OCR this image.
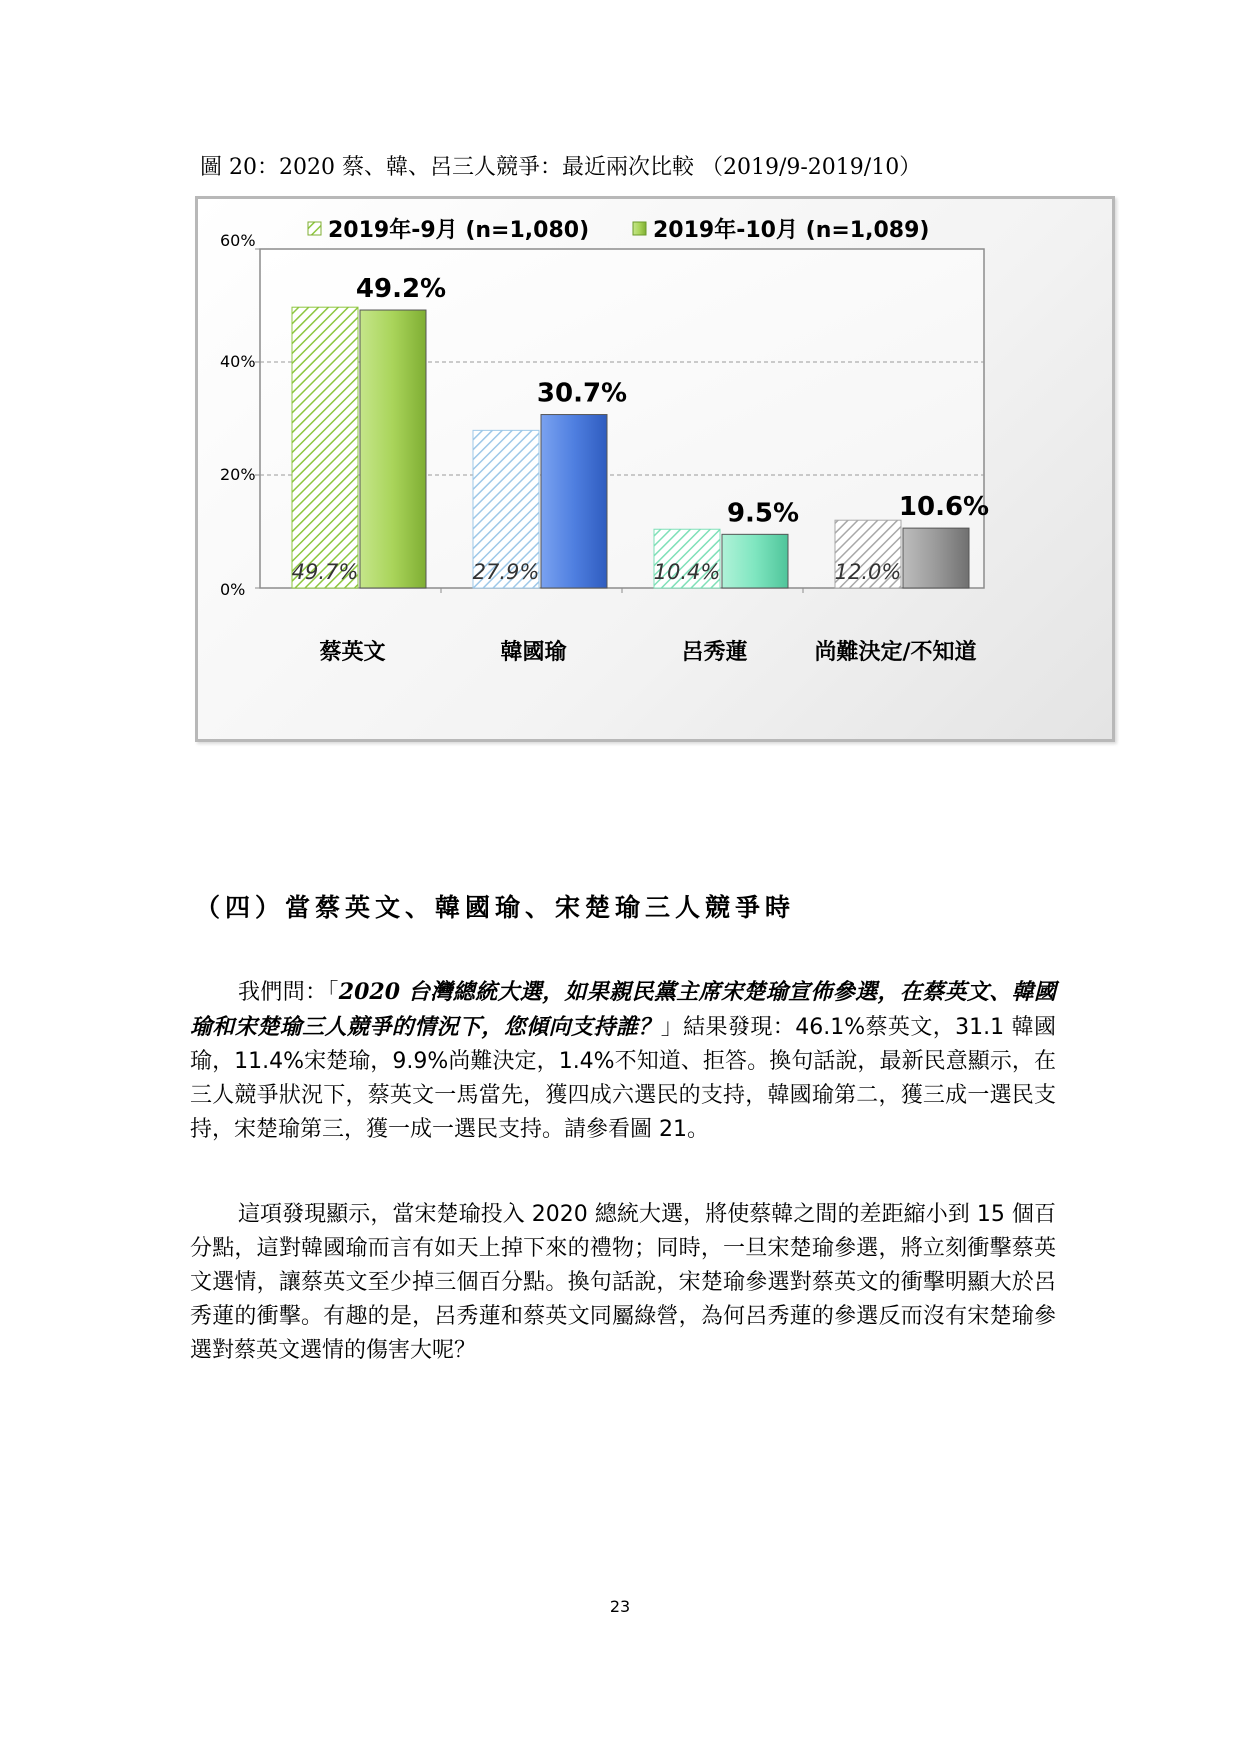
圖 20：2020 蔡、韓、呂三人競爭：最近兩次比較 （2019/9-2019/10）
0%
20%
40%
60%
49.7%
49.2%
27.9%
30.7%
10.4%
9.5%
12.0%
10.6%
蔡英文	韓國瑜	呂秀蓮	尚難決定/不知道
2019年-9月 (n=1,080)	2019年-10月 (n=1,089)
（四）當蔡英文、韓國瑜、宋楚瑜三人競爭時

我們問：「2020 台灣總統大選，如果親民黨主席宋楚瑜宣佈參選，在蔡英文、韓國瑜和宋楚瑜三人競爭的情況下，您傾向支持誰？」結果發現：46.1%蔡英文，31.1 韓國瑜，11.4%宋楚瑜，9.9%尚難決定，1.4%不知道、拒答。換句話說，最新民意顯示，在三人競爭狀況下，蔡英文一馬當先，獲四成六選民的支持，韓國瑜第二，獲三成一選民支持，宋楚瑜第三，獲一成一選民支持。請參看圖 21。

這項發現顯示，當宋楚瑜投入 2020 總統大選，將使蔡韓之間的差距縮小到 15 個百分點，這對韓國瑜而言有如天上掉下來的禮物；同時，一旦宋楚瑜參選，將立刻衝擊蔡英文選情，讓蔡英文至少掉三個百分點。換句話說，宋楚瑜參選對蔡英文的衝擊明顯大於呂秀蓮的衝擊。有趣的是，呂秀蓮和蔡英文同屬綠營，為何呂秀蓮的參選反而沒有宋楚瑜參選對蔡英文選情的傷害大呢？

23
